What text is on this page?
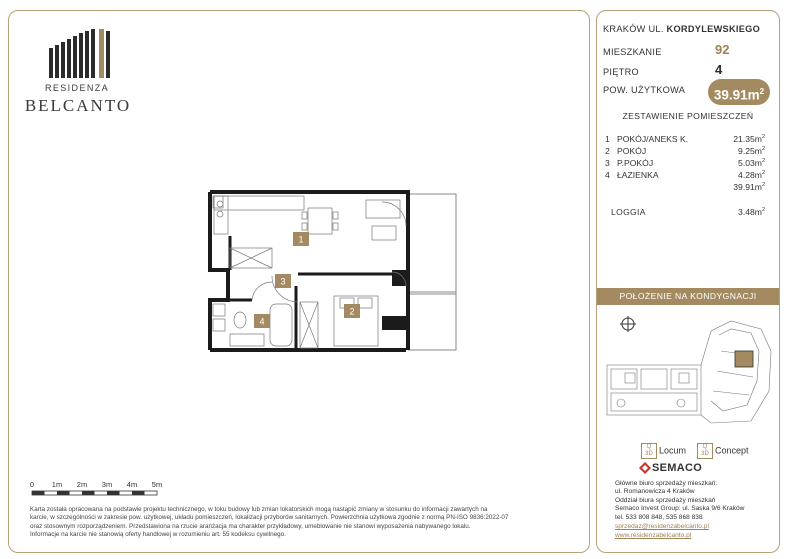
RESIDENZA
BELCANTO
1
2
3
4
0 1m 2m 3m 4m 5m
Karta została opracowana na podstawie projektu technicznego, w toku budowy lub zmian lokatorskich mogą nastąpić zmiany w stosunku do informacji zawartych na
karcie, w szczególności w zakresie pow. użytkowej, układu pomieszczeń, lokalizacji przyborów sanitarnych. Powierzchnia użytkowa zgodnie z normą PN-ISO 9836:2022-07
oraz stosownym rozporządzeniem. Przedstawiona na rzucie aranżacja ma charakter przykładowy, umeblowanie nie stanowi wyposażenia nabywanego lokalu.
Informacje na karcie nie stanowią oferty handlowej w rozumieniu art. 55 kodeksu cywilnego.
KRAKÓW UL. KORDYLEWSKIEGO
MIESZKANIE	92
PIĘTRO	4
POW. UŻYTKOWA	$39.91m^2$
ZESTAWIENIE POMIESZCZEŃ
1 POKÓJ/ANEKS K.	$21.35m^2$
2 POKÓJ	$9.25m^2$
3 P.POKÓJ	$5.03m^2$
4 ŁAZIENKA	$4.28m^2$
$39.91m^2$
LOGGIA	$3.48m^2$
POŁOŻENIE NA KONDYGNACJI
Q
3D Locum	Q
3D Concept
SEMACO
Główne biuro sprzedaży mieszkań:
ul. Romanowicza 4 Kraków
Oddział biura sprzedaży mieszkań
Semaco Invest Group: ul. Saska 9/6 Kraków
tel. 533 808 848, 535 868 838
sprzedaz@residenzabelcanto.pl
www.residenzabelcanto.pl
